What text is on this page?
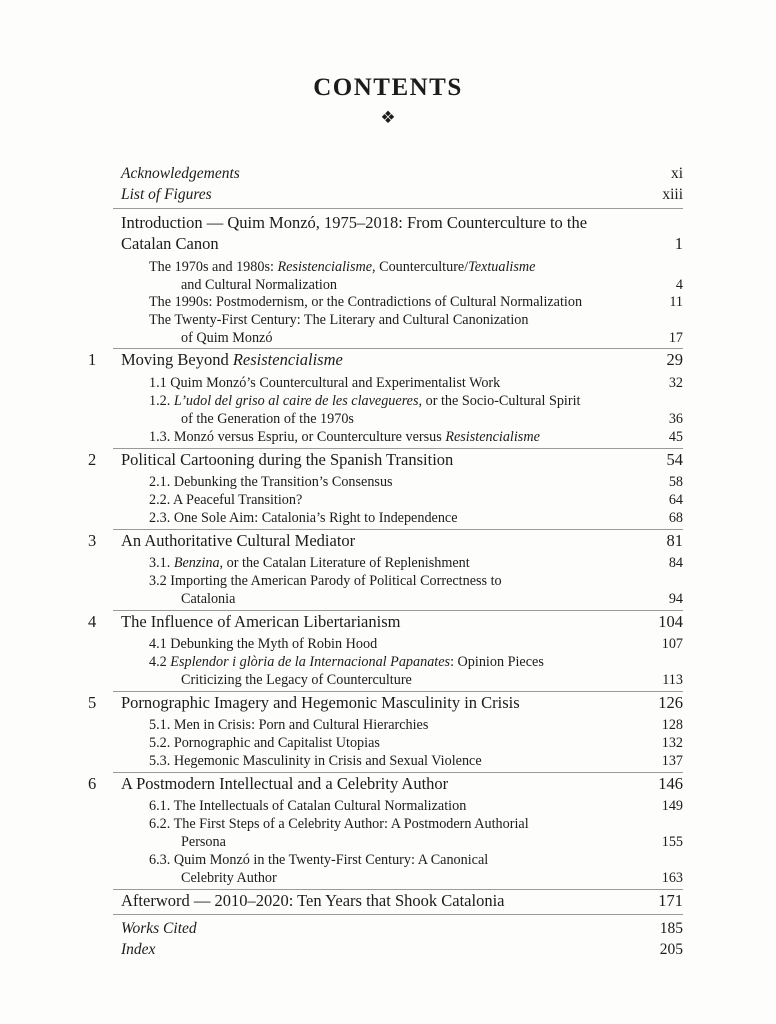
CONTENTS
❖
Acknowledgements	xi
List of Figures	xiii
Introduction — Quim Monzó, 1975–2018: From Counterculture to the
Catalan Canon	1
The 1970s and 1980s: Resistencialisme, Counterculture/Textualisme
and Cultural Normalization	4
The 1990s: Postmodernism, or the Contradictions of Cultural Normalization	11
The Twenty-First Century: The Literary and Cultural Canonization
of Quim Monzó	17
1 Moving Beyond Resistencialisme	29
1.1 Quim Monzó’s Countercultural and Experimentalist Work	32
1.2. L’udol del griso al caire de les clavegueres, or the Socio-Cultural Spirit
of the Generation of the 1970s	36
1.3. Monzó versus Espriu, or Counterculture versus Resistencialisme	45
2 Political Cartooning during the Spanish Transition	54
2.1. Debunking the Transition’s Consensus	58
2.2. A Peaceful Transition?	64
2.3. One Sole Aim: Catalonia’s Right to Independence	68
3 An Authoritative Cultural Mediator	81
3.1. Benzina, or the Catalan Literature of Replenishment	84
3.2 Importing the American Parody of Political Correctness to
Catalonia	94
4 The Influence of American Libertarianism	104
4.1 Debunking the Myth of Robin Hood	107
4.2 Esplendor i glòria de la Internacional Papanates: Opinion Pieces
Criticizing the Legacy of Counterculture	113
5 Pornographic Imagery and Hegemonic Masculinity in Crisis	126
5.1. Men in Crisis: Porn and Cultural Hierarchies	128
5.2. Pornographic and Capitalist Utopias	132
5.3. Hegemonic Masculinity in Crisis and Sexual Violence	137
6 A Postmodern Intellectual and a Celebrity Author	146
6.1. The Intellectuals of Catalan Cultural Normalization	149
6.2. The First Steps of a Celebrity Author: A Postmodern Authorial
Persona	155
6.3. Quim Monzó in the Twenty-First Century: A Canonical
Celebrity Author	163
Afterword — 2010–2020: Ten Years that Shook Catalonia	171
Works Cited	185
Index	205
